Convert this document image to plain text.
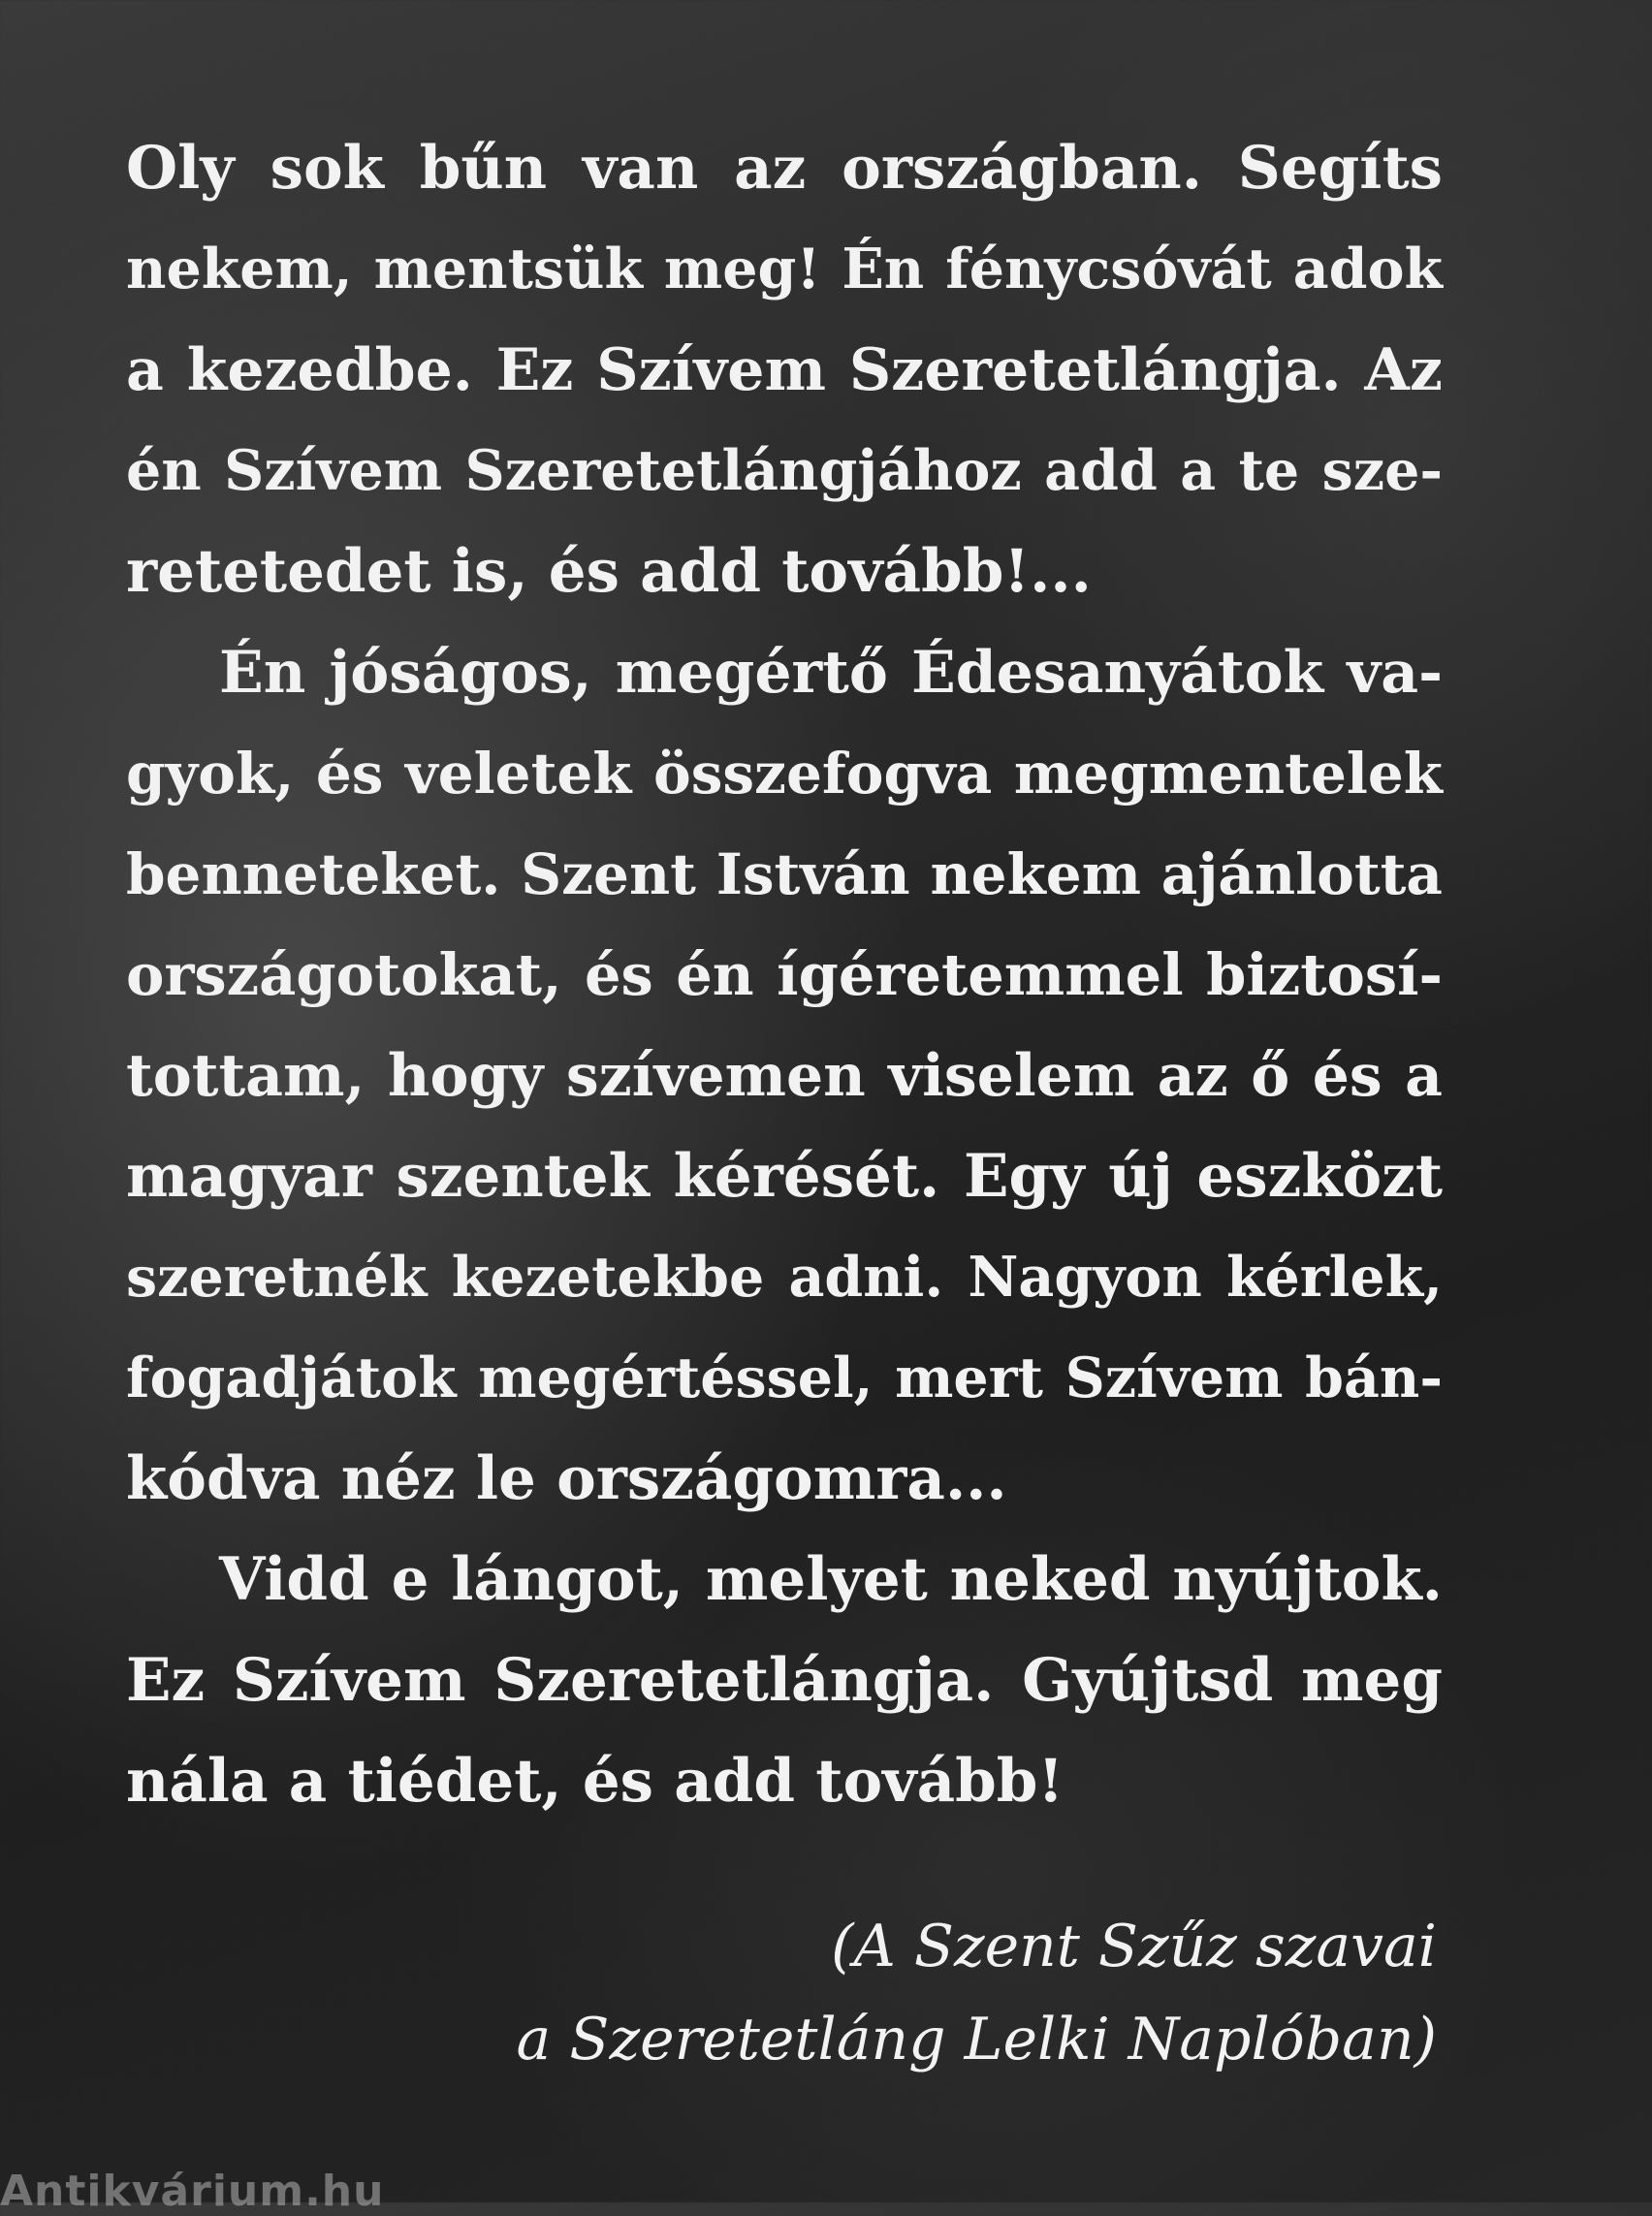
Oly sok bűn van az országban. Segíts
nekem, mentsük meg! Én fénycsóvát adok
a kezedbe. Ez Szívem Szeretetlángja. Az
én Szívem Szeretetlángjához add a te sze-
retetedet is, és add tovább!...
Én jóságos, megértő Édesanyátok va-
gyok, és veletek összefogva megmentelek
benneteket. Szent István nekem ajánlotta
országotokat, és én ígéretemmel biztosí-
tottam, hogy szívemen viselem az ő és a
magyar szentek kérését. Egy új eszközt
szeretnék kezetekbe adni. Nagyon kérlek,
fogadjátok megértéssel, mert Szívem bán-
kódva néz le országomra...
Vidd e lángot, melyet neked nyújtok.
Ez Szívem Szeretetlángja. Gyújtsd meg
nála a tiédet, és add tovább!
(A Szent Szűz szavai
a Szeretetláng Lelki Naplóban)
Antikvárium.hu
